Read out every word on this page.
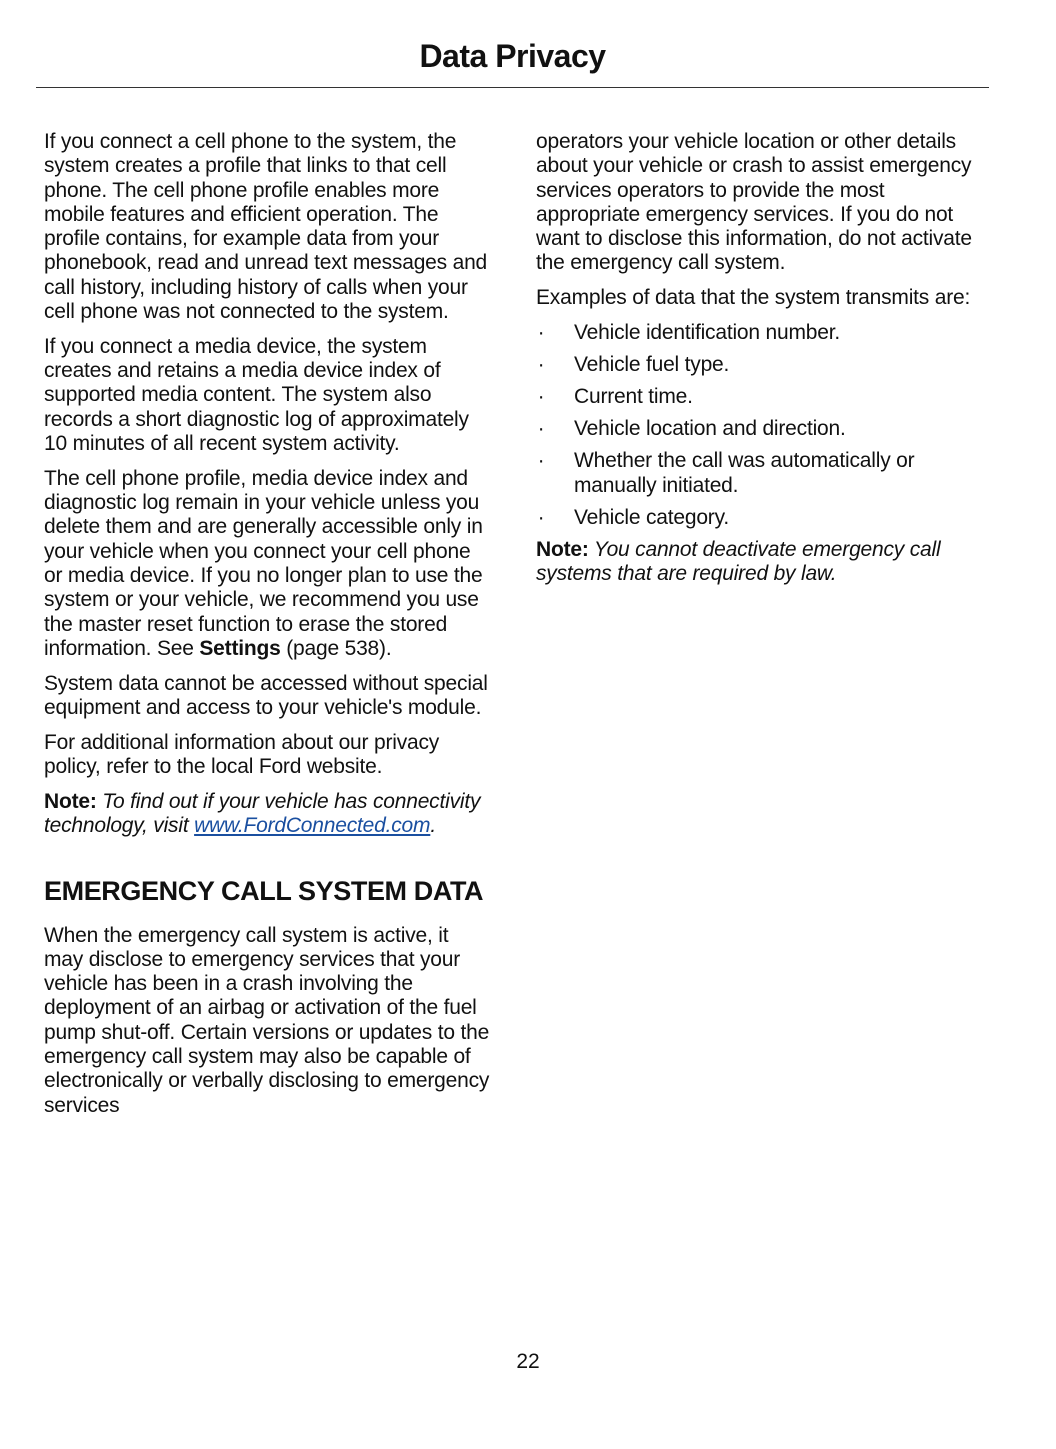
Data Privacy

If you connect a cell phone to the system, the system creates a profile that links to that cell phone. The cell phone profile enables more mobile features and efficient operation. The profile contains, for example data from your phonebook, read and unread text messages and call history, including history of calls when your cell phone was not connected to the system.

If you connect a media device, the system creates and retains a media device index of supported media content. The system also records a short diagnostic log of approximately 10 minutes of all recent system activity.

The cell phone profile, media device index and diagnostic log remain in your vehicle unless you delete them and are generally accessible only in your vehicle when you connect your cell phone or media device. If you no longer plan to use the system or your vehicle, we recommend you use the master reset function to erase the stored information. See Settings (page 538).

System data cannot be accessed without special equipment and access to your vehicle's module.

For additional information about our privacy policy, refer to the local Ford website.

Note: To find out if your vehicle has connectivity technology, visit www.FordConnected.com.

EMERGENCY CALL SYSTEM DATA

When the emergency call system is active, it may disclose to emergency services that your vehicle has been in a crash involving the deployment of an airbag or activation of the fuel pump shut-off. Certain versions or updates to the emergency call system may also be capable of electronically or verbally disclosing to emergency services

operators your vehicle location or other details about your vehicle or crash to assist emergency services operators to provide the most appropriate emergency services. If you do not want to disclose this information, do not activate the emergency call system.

Examples of data that the system transmits are:

· Vehicle identification number.
· Vehicle fuel type.
· Current time.
· Vehicle location and direction.
· Whether the call was automatically or manually initiated.
· Vehicle category.

Note: You cannot deactivate emergency call systems that are required by law.

22
